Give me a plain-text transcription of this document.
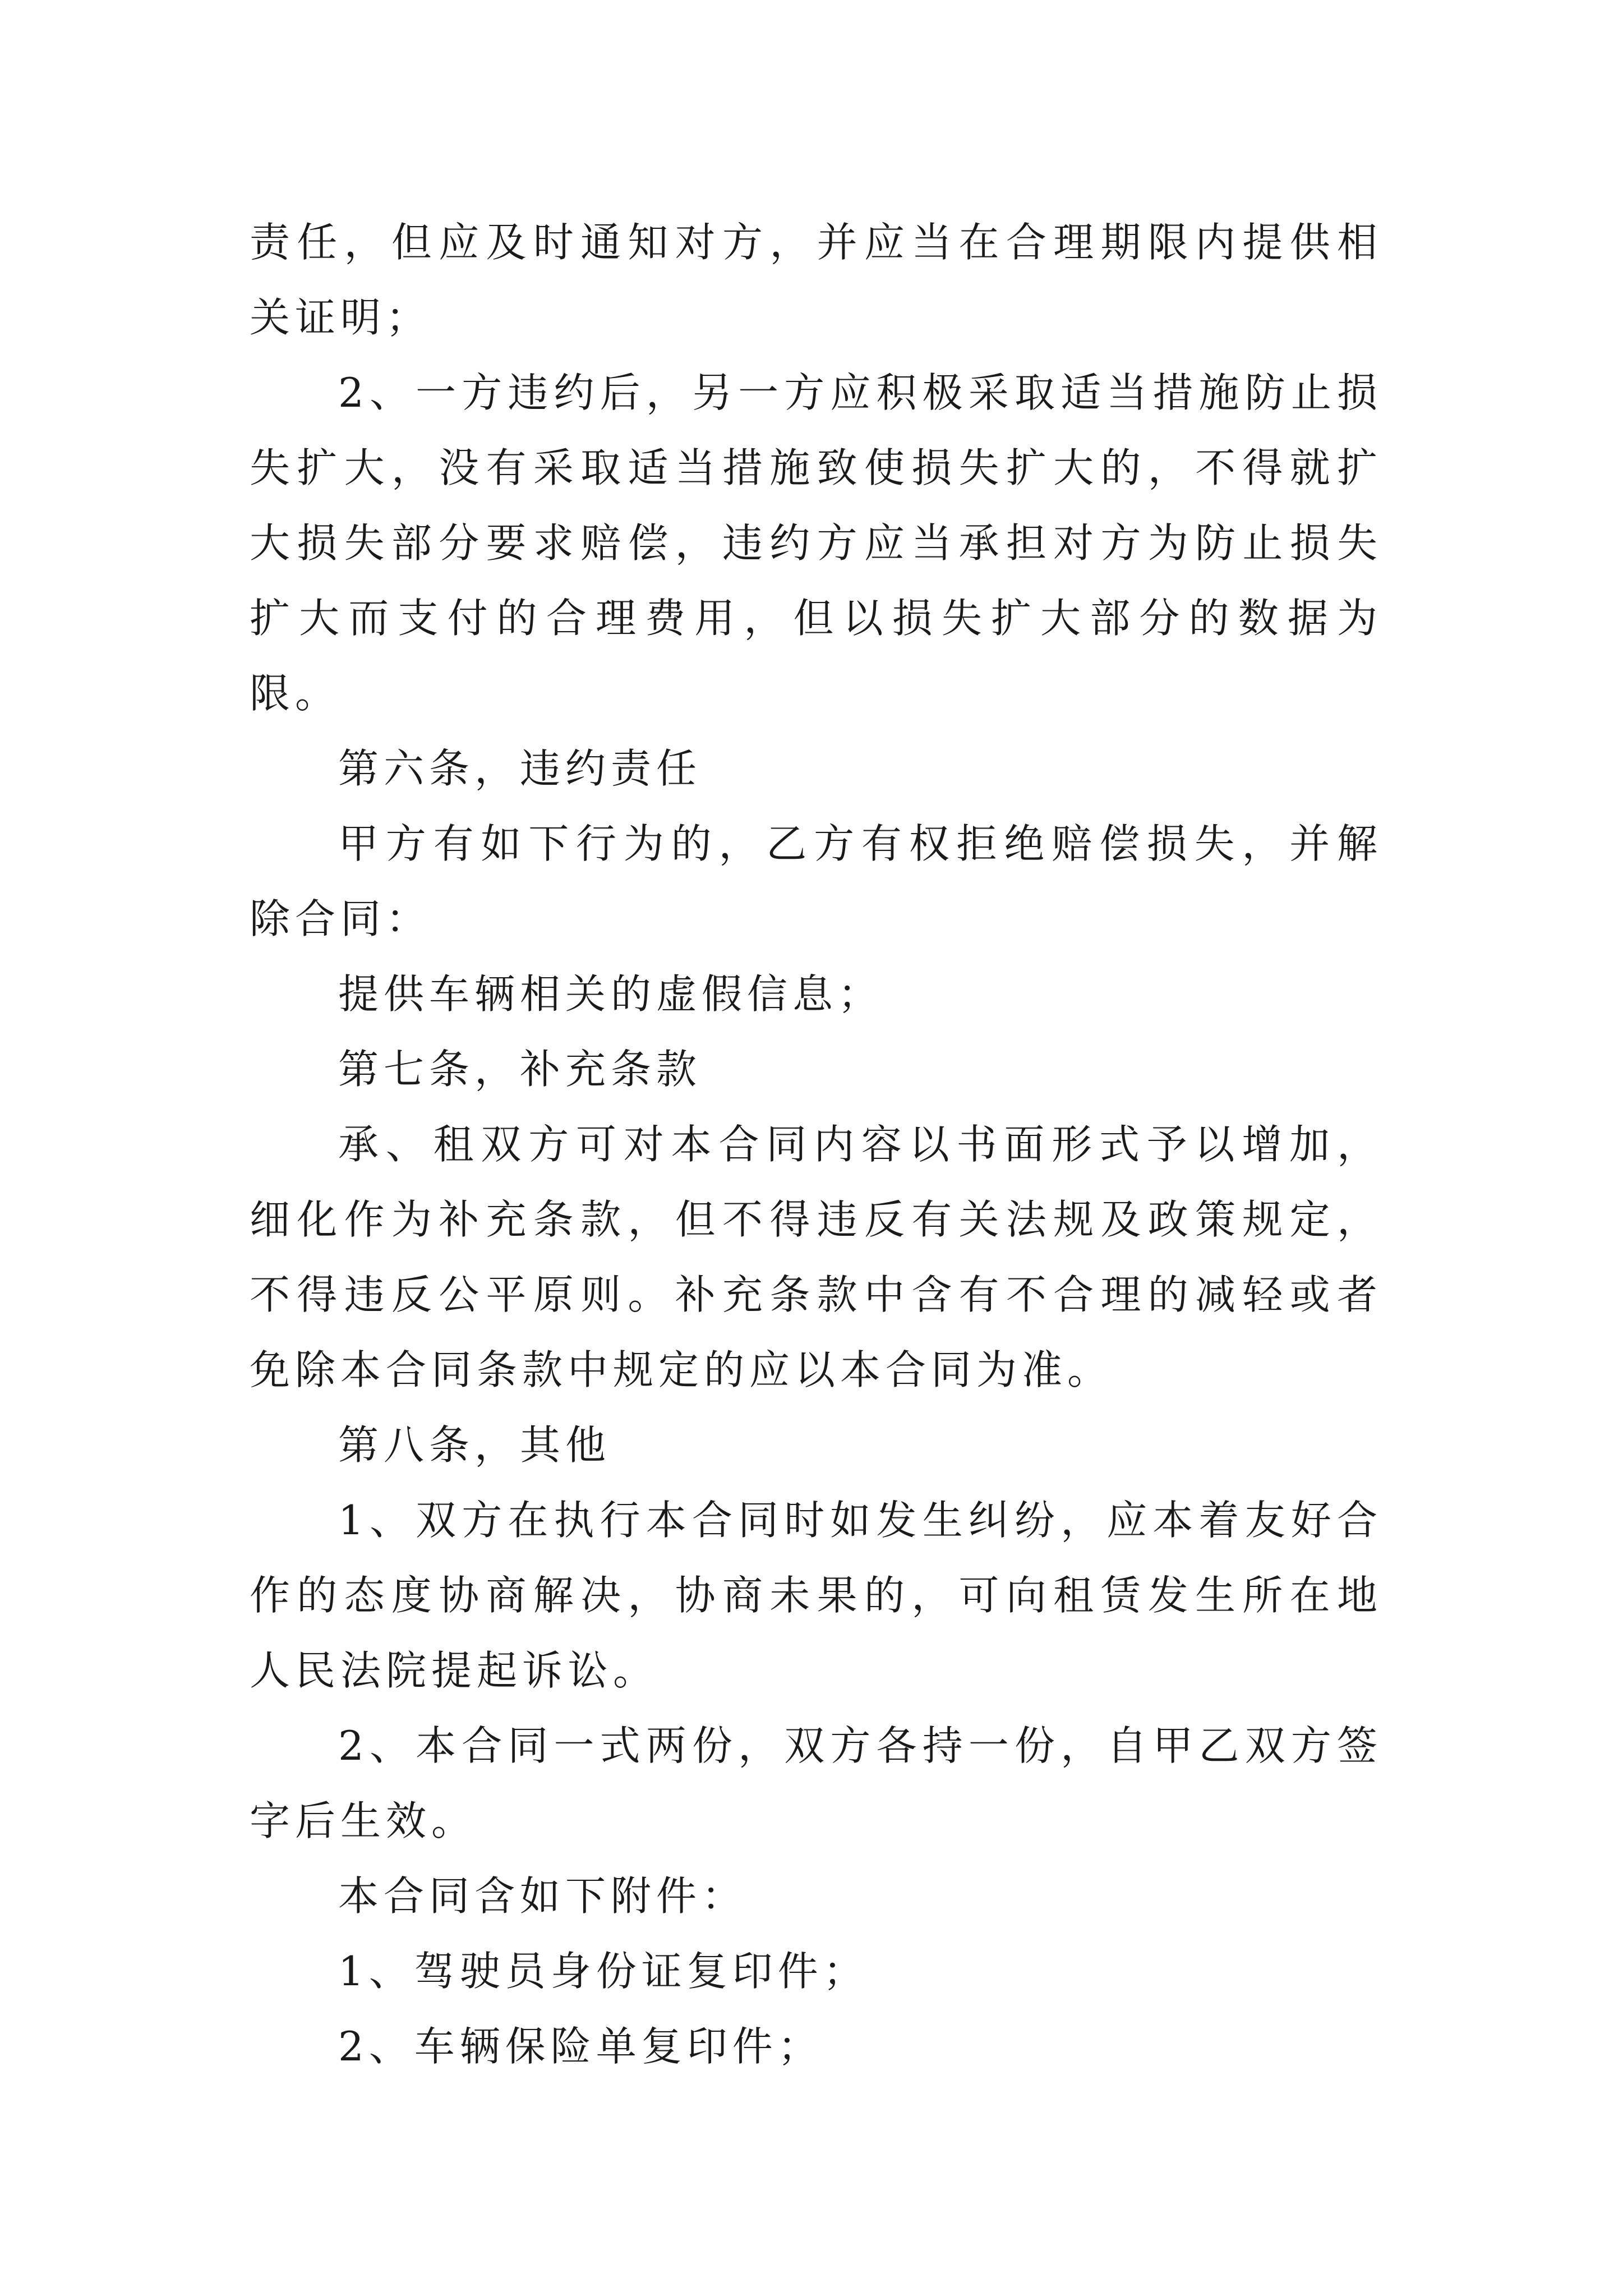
责任，但应及时通知对方，并应当在合理期限内提供相关证明；

2、一方违约后，另一方应积极采取适当措施防止损失扩大，没有采取适当措施致使损失扩大的，不得就扩大损失部分要求赔偿，违约方应当承担对方为防止损失扩大而支付的合理费用，但以损失扩大部分的数据为限。

第六条，违约责任

甲方有如下行为的，乙方有权拒绝赔偿损失，并解除合同：

提供车辆相关的虚假信息；

第七条，补充条款

承、租双方可对本合同内容以书面形式予以增加，细化作为补充条款，但不得违反有关法规及政策规定，不得违反公平原则。补充条款中含有不合理的减轻或者免除本合同条款中规定的应以本合同为准。

第八条，其他

1、双方在执行本合同时如发生纠纷，应本着友好合作的态度协商解决，协商未果的，可向租赁发生所在地人民法院提起诉讼。

2、本合同一式两份，双方各持一份，自甲乙双方签字后生效。

本合同含如下附件：

1、驾驶员身份证复印件；

2、车辆保险单复印件；
